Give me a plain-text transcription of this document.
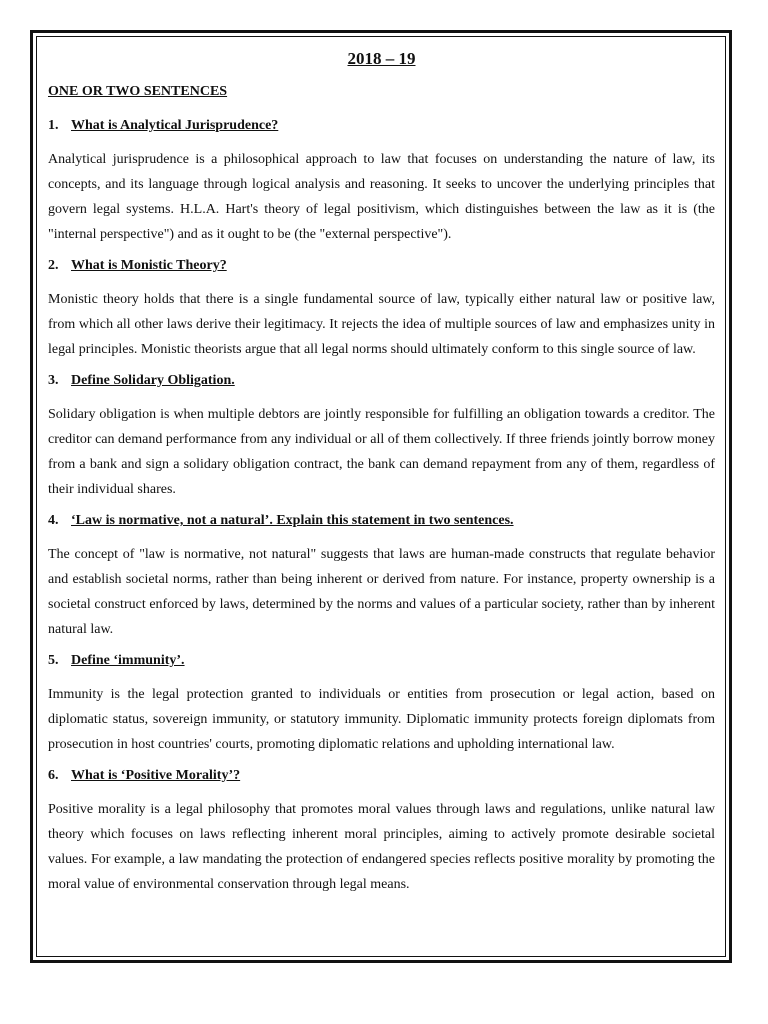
2018 – 19
ONE OR TWO SENTENCES
1. What is Analytical Jurisprudence?
Analytical jurisprudence is a philosophical approach to law that focuses on understanding the nature of law, its concepts, and its language through logical analysis and reasoning. It seeks to uncover the underlying principles that govern legal systems. H.L.A. Hart's theory of legal positivism, which distinguishes between the law as it is (the "internal perspective") and as it ought to be (the "external perspective").
2. What is Monistic Theory?
Monistic theory holds that there is a single fundamental source of law, typically either natural law or positive law, from which all other laws derive their legitimacy. It rejects the idea of multiple sources of law and emphasizes unity in legal principles. Monistic theorists argue that all legal norms should ultimately conform to this single source of law.
3. Define Solidary Obligation.
Solidary obligation is when multiple debtors are jointly responsible for fulfilling an obligation towards a creditor. The creditor can demand performance from any individual or all of them collectively. If three friends jointly borrow money from a bank and sign a solidary obligation contract, the bank can demand repayment from any of them, regardless of their individual shares.
4. ‘Law is normative, not a natural’. Explain this statement in two sentences.
The concept of "law is normative, not natural" suggests that laws are human-made constructs that regulate behavior and establish societal norms, rather than being inherent or derived from nature. For instance, property ownership is a societal construct enforced by laws, determined by the norms and values of a particular society, rather than by inherent natural law.
5. Define ‘immunity’.
Immunity is the legal protection granted to individuals or entities from prosecution or legal action, based on diplomatic status, sovereign immunity, or statutory immunity. Diplomatic immunity protects foreign diplomats from prosecution in host countries' courts, promoting diplomatic relations and upholding international law.
6. What is ‘Positive Morality’?
Positive morality is a legal philosophy that promotes moral values through laws and regulations, unlike natural law theory which focuses on laws reflecting inherent moral principles, aiming to actively promote desirable societal values. For example, a law mandating the protection of endangered species reflects positive morality by promoting the moral value of environmental conservation through legal means.
